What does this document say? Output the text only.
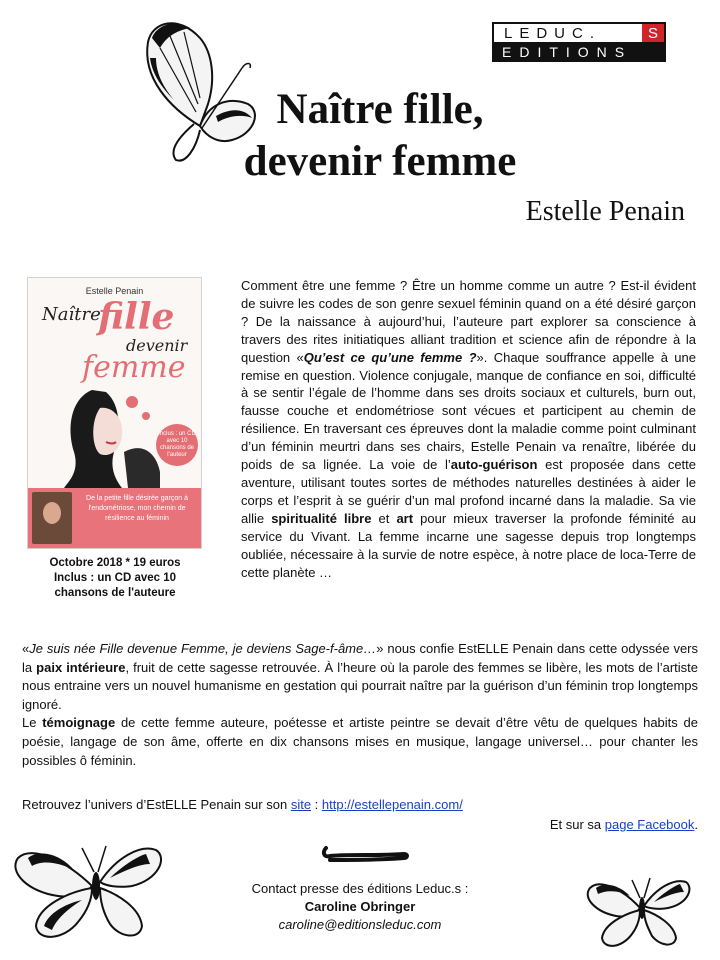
LEDUC.	S
EDITIONS
Naître fille,
devenir femme
Estelle Penain
Estelle Penain
Naître
fille
devenir
femme
Inclus : un CD avec 10 chansons de l'auteur
De la petite fille désirée garçon à l'endométriose, mon chemin de résilience au féminin
Octobre 2018 * 19 euros
Inclus : un CD avec 10
chansons de l'auteure
Comment être une femme ? Être un homme comme un autre ? Est-il évident de suivre les codes de son genre sexuel féminin quand on a été désiré garçon ? De la naissance à aujourd’hui, l’auteure part explorer sa conscience à travers des rites initiatiques alliant tradition et science afin de répondre à la question «Qu’est ce qu’une femme ?». Chaque souffrance appelle à une remise en question. Violence conjugale, manque de confiance en soi, difficulté à se sentir l’égale de l’homme dans ses droits sociaux et culturels, burn out, fausse couche et endométriose sont vécues et participent au chemin de résilience. En traversant ces épreuves dont la maladie comme point culminant d’un féminin meurtri dans ses chairs, Estelle Penain va renaître, libérée du poids de sa lignée. La voie de l’auto-guérison est proposée dans cette aventure, utilisant toutes sortes de méthodes naturelles destinées à aider le corps et l’esprit à se guérir d’un mal profond incarné dans la maladie. Sa vie allie spiritualité libre et art pour mieux traverser la profonde féminité au service du Vivant. La femme incarne une sagesse depuis trop longtemps oubliée, nécessaire à la survie de notre espèce, à notre place de loca-Terre de cette planète …

«Je suis née Fille devenue Femme, je deviens Sage-f-âme…» nous confie EstELLE Penain dans cette odyssée vers la paix intérieure, fruit de cette sagesse retrouvée. À l’heure où la parole des femmes se libère, les mots de l’artiste nous entraine vers un nouvel humanisme en gestation qui pourrait naître par la guérison d’un féminin trop longtemps ignoré.

Le témoignage de cette femme auteure, poétesse et artiste peintre se devait d’être vêtu de quelques habits de poésie, langage de son âme, offerte en dix chansons mises en musique, langage universel… pour chanter les possibles ô féminin.

Retrouvez l’univers d’EstELLE Penain sur son site : http://estellepenain.com/
Et sur sa page Facebook.
Contact presse des éditions Leduc.s :
Caroline Obringer
caroline@editionsleduc.com
